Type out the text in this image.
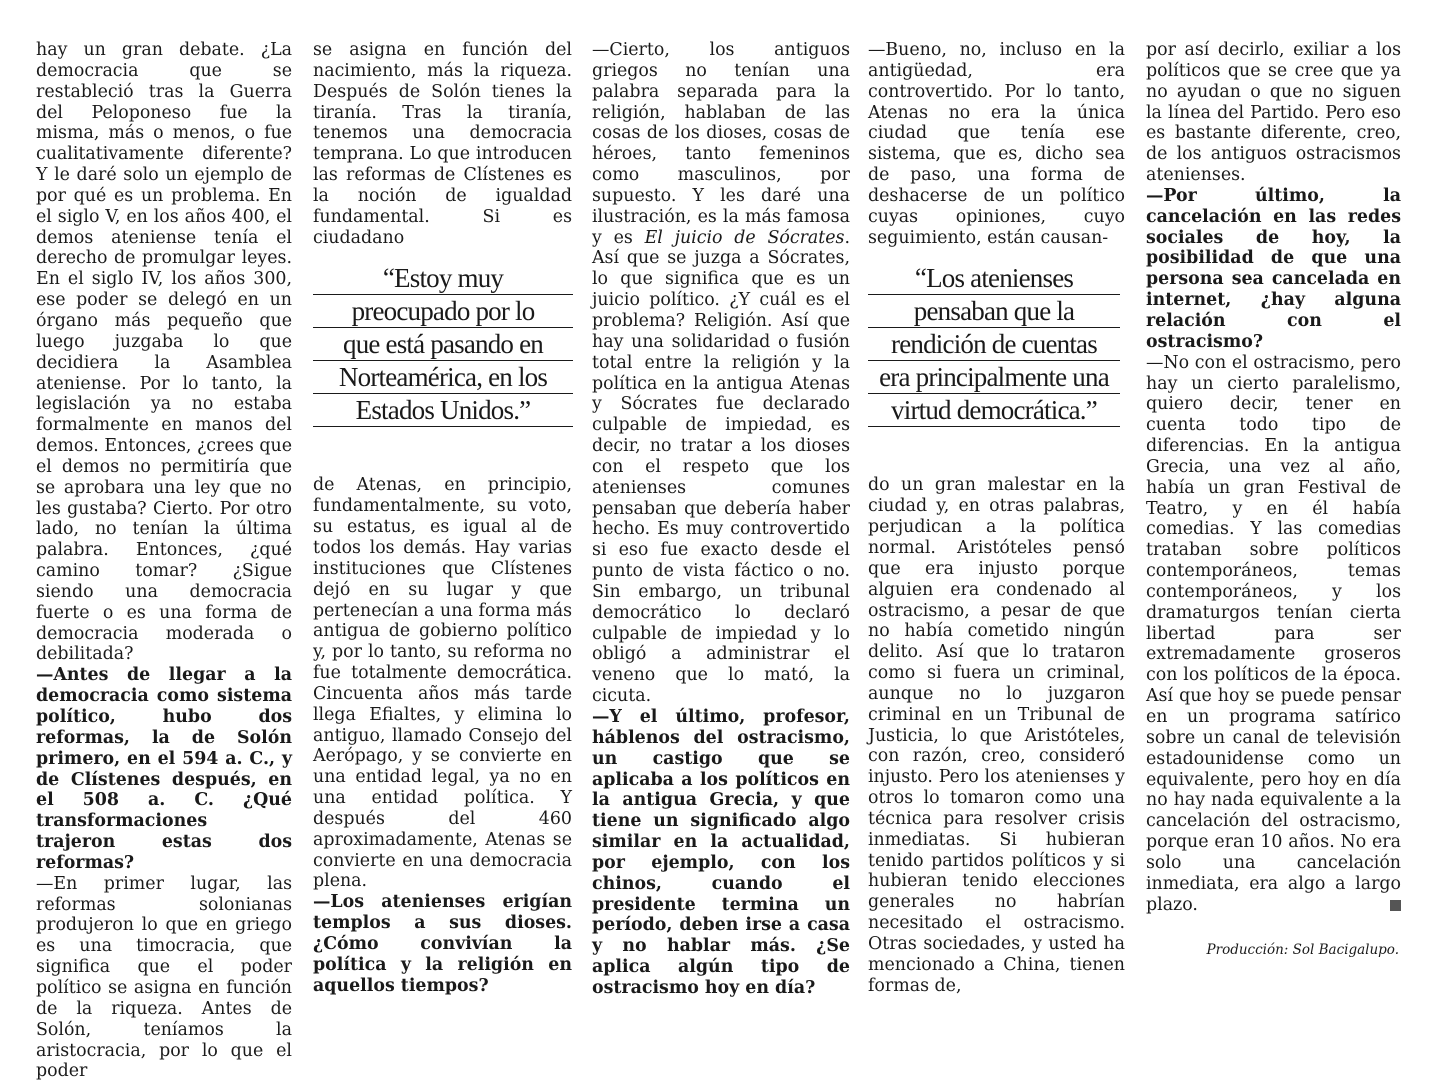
hay un gran debate. ¿La democracia que se restableció tras la Guerra del Peloponeso fue la misma, más o menos, o fue cualitativamente diferente? Y le daré solo un ejemplo de por qué es un problema. En el siglo V, en los años 400, el demos ateniense tenía el derecho de promulgar leyes. En el siglo IV, los años 300, ese poder se delegó en un órgano más pequeño que luego juzgaba lo que decidiera la Asamblea ateniense. Por lo tanto, la legislación ya no estaba formalmente en manos del demos. Entonces, ¿crees que el demos no permitiría que se aprobara una ley que no les gustaba? Cierto. Por otro lado, no tenían la última palabra. Entonces, ¿qué camino tomar? ¿Sigue siendo una democracia fuerte o es una forma de democracia moderada o debilitada?

—Antes de llegar a la democracia como sistema político, hubo dos reformas, la de Solón primero, en el 594 a. C., y de Clístenes después, en el 508 a. C. ¿Qué transformaciones trajeron estas dos reformas?

—En primer lugar, las reformas solonianas produjeron lo que en griego es una timocracia, que significa que el poder político se asigna en función de la riqueza. Antes de Solón, teníamos la aristocracia, por lo que el poder

se asigna en función del nacimiento, más la riqueza. Después de Solón tienes la tiranía. Tras la tiranía, tenemos una democracia temprana. Lo que introducen las reformas de Clístenes es la noción de igualdad fundamental. Si es ciudadano

de Atenas, en principio, fundamentalmente, su voto, su estatus, es igual al de todos los demás. Hay varias instituciones que Clístenes dejó en su lugar y que pertenecían a una forma más antigua de gobierno político y, por lo tanto, su reforma no fue totalmente democrática. Cincuenta años más tarde llega Efialtes, y elimina lo antiguo, llamado Consejo del Aerópago, y se convierte en una entidad legal, ya no en una entidad política. Y después del 460 aproximadamente, Atenas se convierte en una democracia plena.

—Los atenienses erigían templos a sus dioses. ¿Cómo convivían la política y la religión en aquellos tiempos?

—Cierto, los antiguos griegos no tenían una palabra separada para la religión, hablaban de las cosas de los dioses, cosas de héroes, tanto femeninos como masculinos, por supuesto. Y les daré una ilustración, es la más famosa y es El juicio de Sócrates. Así que se juzga a Sócrates, lo que significa que es un juicio político. ¿Y cuál es el problema? Religión. Así que hay una solidaridad o fusión total entre la religión y la política en la antigua Atenas y Sócrates fue declarado culpable de impiedad, es decir, no tratar a los dioses con el respeto que los atenienses comunes pensaban que debería haber hecho. Es muy controvertido si eso fue exacto desde el punto de vista fáctico o no. Sin embargo, un tribunal democrático lo declaró culpable de impiedad y lo obligó a administrar el veneno que lo mató, la cicuta.

—Y el último, profesor, háblenos del ostracismo, un castigo que se aplicaba a los políticos en la antigua Grecia, y que tiene un significado algo similar en la actualidad, por ejemplo, con los chinos, cuando el presidente termina un período, deben irse a casa y no hablar más. ¿Se aplica algún tipo de ostracismo hoy en día?

—Bueno, no, incluso en la antigüedad, era controvertido. Por lo tanto, Atenas no era la única ciudad que tenía ese sistema, que es, dicho sea de paso, una forma de deshacerse de un político cuyas opiniones, cuyo seguimiento, están causan-

do un gran malestar en la ciudad y, en otras palabras, perjudican a la política normal. Aristóteles pensó que era injusto porque alguien era condenado al ostracismo, a pesar de que no había cometido ningún delito. Así que lo trataron como si fuera un criminal, aunque no lo juzgaron criminal en un Tribunal de Justicia, lo que Aristóteles, con razón, creo, consideró injusto. Pero los atenienses y otros lo tomaron como una técnica para resolver crisis inmediatas. Si hubieran tenido partidos políticos y si hubieran tenido elecciones generales no habrían necesitado el ostracismo. Otras sociedades, y usted ha mencionado a China, tienen formas de,

por así decirlo, exiliar a los políticos que se cree que ya no ayudan o que no siguen la línea del Partido. Pero eso es bastante diferente, creo, de los antiguos ostracismos atenienses.

—Por último, la cancelación en las redes sociales de hoy, la posibilidad de que una persona sea cancelada en internet, ¿hay alguna relación con el ostracismo?

—No con el ostracismo, pero hay un cierto paralelismo, quiero decir, tener en cuenta todo tipo de diferencias. En la antigua Grecia, una vez al año, había un gran Festival de Teatro, y en él había comedias. Y las comedias trataban sobre políticos contemporáneos, temas contemporáneos, y los dramaturgos tenían cierta libertad para ser extremadamente groseros con los políticos de la época. Así que hoy se puede pensar en un programa satírico sobre un canal de televisión estadounidense como un equivalente, pero hoy en día no hay nada equivalente a la cancelación del ostracismo, porque eran 10 años. No era solo una cancelación inmediata, era algo a largo plazo.

“Estoy muy
preocupado por lo
que está pasando en
Norteamérica, en los
Estados Unidos.”
“Los atenienses
pensaban que la
rendición de cuentas
era principalmente una
virtud democrática.”
Producción: Sol Bacigalupo.
